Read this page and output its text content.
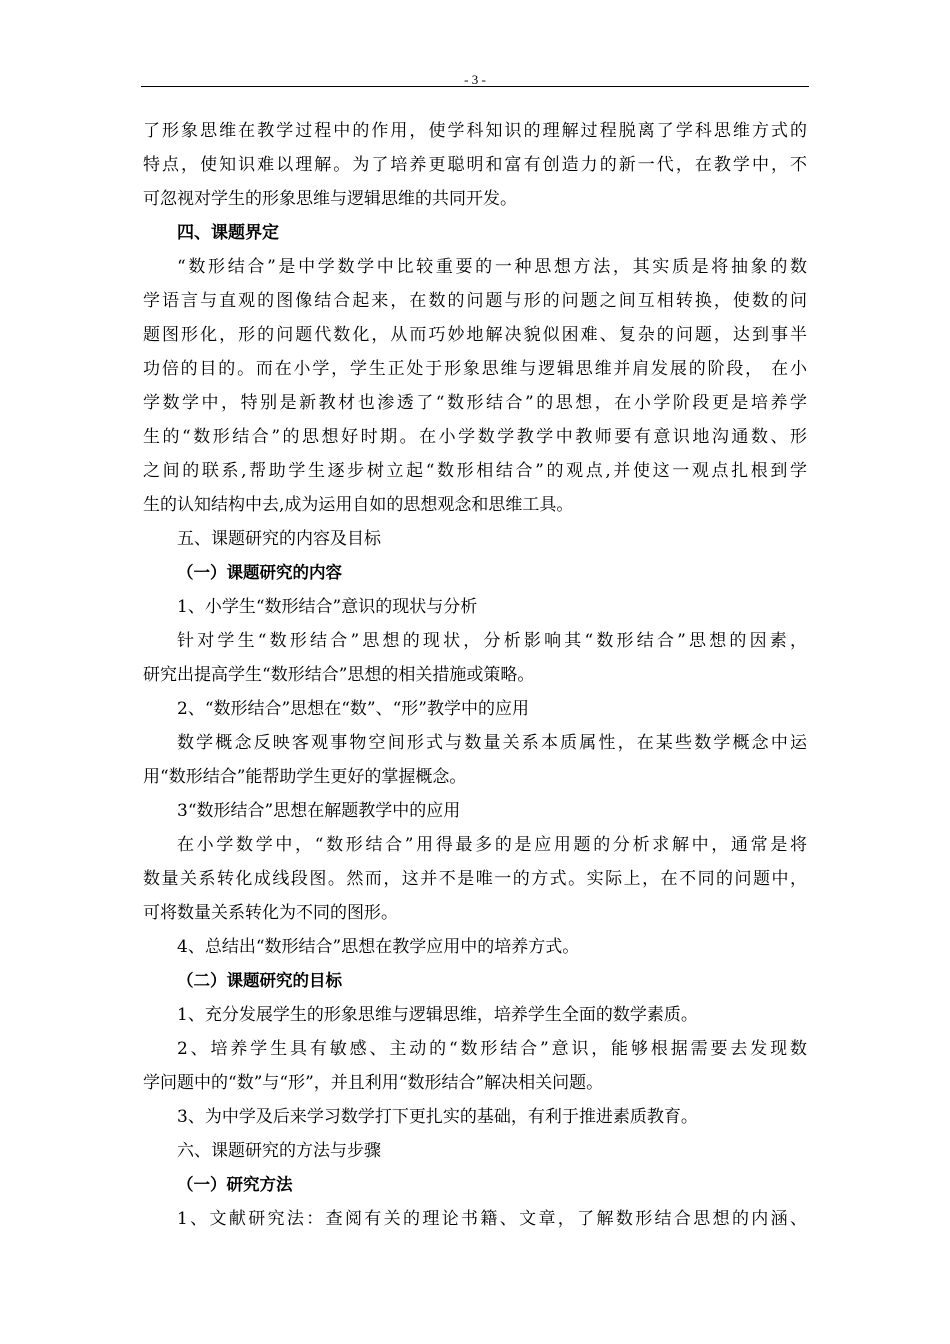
- 3 -
了形象思维在教学过程中的作用，使学科知识的理解过程脱离了学科思维方式的
特点，使知识难以理解。为了培养更聪明和富有创造力的新一代，在教学中，不
可忽视对学生的形象思维与逻辑思维的共同开发。
四、课题界定
“数形结合”是中学数学中比较重要的一种思想方法，其实质是将抽象的数
学语言与直观的图像结合起来，在数的问题与形的问题之间互相转换，使数的问
题图形化，形的问题代数化，从而巧妙地解决貌似困难、复杂的问题，达到事半
功倍的目的。而在小学，学生正处于形象思维与逻辑思维并肩发展的阶段， 在小
学数学中，特别是新教材也渗透了“数形结合”的思想，在小学阶段更是培养学
生的“数形结合”的思想好时期。在小学数学教学中教师要有意识地沟通数、形
之间的联系,帮助学生逐步树立起“数形相结合”的观点,并使这一观点扎根到学
生的认知结构中去,成为运用自如的思想观念和思维工具。
五、课题研究的内容及目标
（一）课题研究的内容
1、小学生“数形结合”意识的现状与分析
针对学生“数形结合”思想的现状，分析影响其“数形结合”思想的因素，
研究出提高学生“数形结合”思想的相关措施或策略。
2、“数形结合”思想在“数”、“形”教学中的应用
数学概念反映客观事物空间形式与数量关系本质属性，在某些数学概念中运
用“数形结合”能帮助学生更好的掌握概念。
3“数形结合”思想在解题教学中的应用
在小学数学中，“数形结合”用得最多的是应用题的分析求解中，通常是将
数量关系转化成线段图。然而，这并不是唯一的方式。实际上，在不同的问题中，
可将数量关系转化为不同的图形。
4、总结出“数形结合”思想在教学应用中的培养方式。
（二）课题研究的目标
1、充分发展学生的形象思维与逻辑思维，培养学生全面的数学素质。
2、培养学生具有敏感、主动的“数形结合”意识，能够根据需要去发现数
学问题中的“数”与“形”，并且利用“数形结合”解决相关问题。
3、为中学及后来学习数学打下更扎实的基础，有利于推进素质教育。
六、课题研究的方法与步骤
（一）研究方法
1、文献研究法：查阅有关的理论书籍、文章，了解数形结合思想的内涵、
